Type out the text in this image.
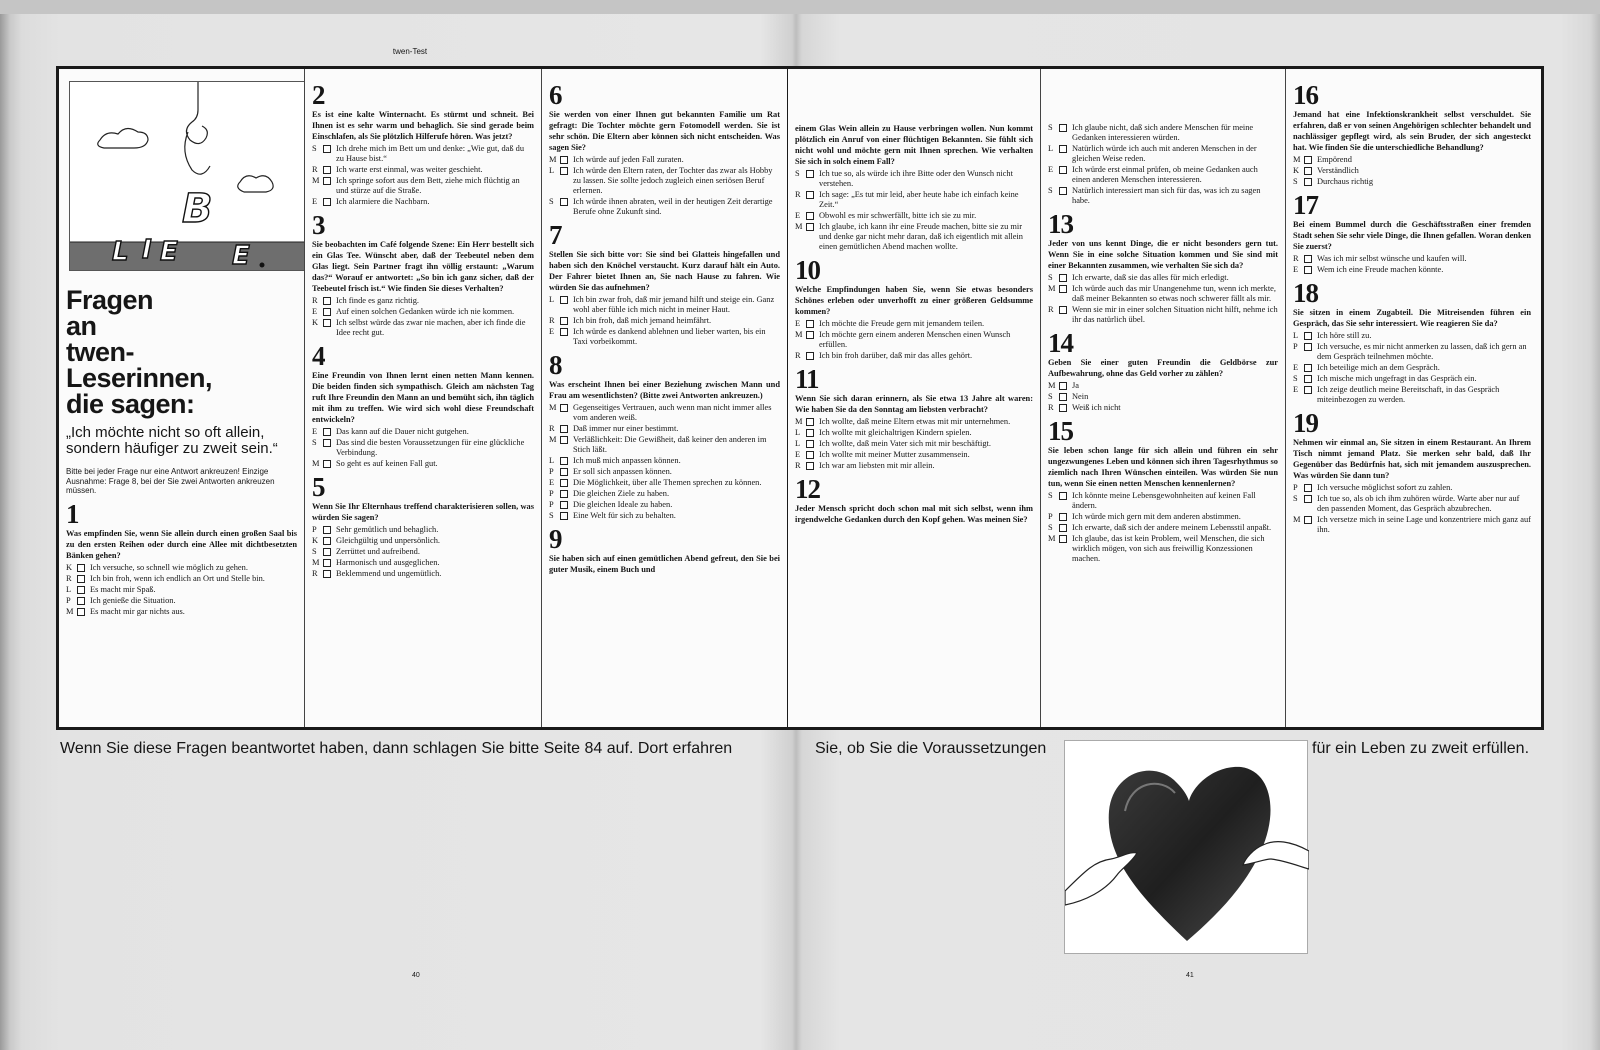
twen-Test
L I E
B
E
Fragen
an
twen-
Leserinnen,
die sagen:
„Ich möchte nicht so oft allein, sondern häufiger zu zweit sein.“
Bitte bei jeder Frage nur eine Antwort ankreuzen! Einzige Ausnahme: Frage 8, bei der Sie zwei Antworten ankreuzen müssen.
1
Was empfinden Sie, wenn Sie allein durch einen großen Saal bis zu den ersten Reihen oder durch eine Allee mit dichtbesetzten Bänken gehen?
K	Ich versuche, so schnell wie möglich zu gehen.
R	Ich bin froh, wenn ich endlich an Ort und Stelle bin.
L	Es macht mir Spaß.
P	Ich genieße die Situation.
M	Es macht mir gar nichts aus.
2
Es ist eine kalte Winternacht. Es stürmt und schneit. Bei Ihnen ist es sehr warm und behaglich. Sie sind gerade beim Einschlafen, als Sie plötzlich Hilferufe hören. Was jetzt?
S	Ich drehe mich im Bett um und denke: „Wie gut, daß du zu Hause bist.“
R	Ich warte erst einmal, was weiter geschieht.
M	Ich springe sofort aus dem Bett, ziehe mich flüchtig an und stürze auf die Straße.
E	Ich alarmiere die Nachbarn.
3
Sie beobachten im Café folgende Szene: Ein Herr bestellt sich ein Glas Tee. Wünscht aber, daß der Teebeutel neben dem Glas liegt. Sein Partner fragt ihn völlig erstaunt: „Warum das?“ Worauf er antwortet: „So bin ich ganz sicher, daß der Teebeutel frisch ist.“ Wie finden Sie dieses Verhalten?
R	Ich finde es ganz richtig.
E	Auf einen solchen Gedanken würde ich nie kommen.
K	Ich selbst würde das zwar nie machen, aber ich finde die Idee recht gut.
4
Eine Freundin von Ihnen lernt einen netten Mann kennen. Die beiden finden sich sympathisch. Gleich am nächsten Tag ruft Ihre Freundin den Mann an und bemüht sich, ihn täglich mit ihm zu treffen. Wie wird sich wohl diese Freundschaft entwickeln?
E	Das kann auf die Dauer nicht gutgehen.
S	Das sind die besten Voraussetzungen für eine glückliche Verbindung.
M	So geht es auf keinen Fall gut.
5
Wenn Sie Ihr Elternhaus treffend charakterisieren sollen, was würden Sie sagen?
P	Sehr gemütlich und behaglich.
K	Gleichgültig und unpersönlich.
S	Zerrüttet und aufreibend.
M	Harmonisch und ausgeglichen.
R	Beklemmend und ungemütlich.
6
Sie werden von einer Ihnen gut bekannten Familie um Rat gefragt: Die Tochter möchte gern Fotomodell werden. Sie ist sehr schön. Die Eltern aber können sich nicht entscheiden. Was sagen Sie?
M	Ich würde auf jeden Fall zuraten.
L	Ich würde den Eltern raten, der Tochter das zwar als Hobby zu lassen. Sie sollte jedoch zugleich einen seriösen Beruf erlernen.
S	Ich würde ihnen abraten, weil in der heutigen Zeit derartige Berufe ohne Zukunft sind.
7
Stellen Sie sich bitte vor: Sie sind bei Glatteis hingefallen und haben sich den Knöchel verstaucht. Kurz darauf hält ein Auto. Der Fahrer bietet Ihnen an, Sie nach Hause zu fahren. Wie würden Sie das aufnehmen?
L	Ich bin zwar froh, daß mir jemand hilft und steige ein. Ganz wohl aber fühle ich mich nicht in meiner Haut.
R	Ich bin froh, daß mich jemand heimfährt.
E	Ich würde es dankend ablehnen und lieber warten, bis ein Taxi vorbeikommt.
8
Was erscheint Ihnen bei einer Beziehung zwischen Mann und Frau am wesentlichsten? (Bitte zwei Antworten ankreuzen.)
M	Gegenseitiges Vertrauen, auch wenn man nicht immer alles vom anderen weiß.
R	Daß immer nur einer bestimmt.
M	Verläßlichkeit: Die Gewißheit, daß keiner den anderen im Stich läßt.
L	Ich muß mich anpassen können.
P	Er soll sich anpassen können.
E	Die Möglichkeit, über alle Themen sprechen zu können.
P	Die gleichen Ziele zu haben.
P	Die gleichen Ideale zu haben.
S	Eine Welt für sich zu behalten.
9
Sie haben sich auf einen gemütlichen Abend gefreut, den Sie bei guter Musik, einem Buch und
einem Glas Wein allein zu Hause verbringen wollen. Nun kommt plötzlich ein Anruf von einer flüchtigen Bekannten. Sie fühlt sich nicht wohl und möchte gern mit Ihnen sprechen. Wie verhalten Sie sich in solch einem Fall?
S	Ich tue so, als würde ich ihre Bitte oder den Wunsch nicht verstehen.
R	Ich sage: „Es tut mir leid, aber heute habe ich einfach keine Zeit.“
E	Obwohl es mir schwerfällt, bitte ich sie zu mir.
M	Ich glaube, ich kann ihr eine Freude machen, bitte sie zu mir und denke gar nicht mehr daran, daß ich eigentlich mit allein einen gemütlichen Abend machen wollte.
10
Welche Empfindungen haben Sie, wenn Sie etwas besonders Schönes erleben oder unverhofft zu einer größeren Geldsumme kommen?
E	Ich möchte die Freude gern mit jemandem teilen.
M	Ich möchte gern einem anderen Menschen einen Wunsch erfüllen.
R	Ich bin froh darüber, daß mir das alles gehört.
11
Wenn Sie sich daran erinnern, als Sie etwa 13 Jahre alt waren: Wie haben Sie da den Sonntag am liebsten verbracht?
M	Ich wollte, daß meine Eltern etwas mit mir unternehmen.
L	Ich wollte mit gleichaltrigen Kindern spielen.
L	Ich wollte, daß mein Vater sich mit mir beschäftigt.
E	Ich wollte mit meiner Mutter zusammensein.
R	Ich war am liebsten mit mir allein.
12
Jeder Mensch spricht doch schon mal mit sich selbst, wenn ihm irgendwelche Gedanken durch den Kopf gehen. Was meinen Sie?
S	Ich glaube nicht, daß sich andere Menschen für meine Gedanken interessieren würden.
L	Natürlich würde ich auch mit anderen Menschen in der gleichen Weise reden.
E	Ich würde erst einmal prüfen, ob meine Gedanken auch einen anderen Menschen interessieren.
S	Natürlich interessiert man sich für das, was ich zu sagen habe.
13
Jeder von uns kennt Dinge, die er nicht besonders gern tut. Wenn Sie in eine solche Situation kommen und Sie sind mit einer Bekannten zusammen, wie verhalten Sie sich da?
S	Ich erwarte, daß sie das alles für mich erledigt.
M	Ich würde auch das mir Unangenehme tun, wenn ich merkte, daß meiner Bekannten so etwas noch schwerer fällt als mir.
R	Wenn sie mir in einer solchen Situation nicht hilft, nehme ich ihr das natürlich übel.
14
Geben Sie einer guten Freundin die Geldbörse zur Aufbewahrung, ohne das Geld vorher zu zählen?
M	Ja
S	Nein
R	Weiß ich nicht
15
Sie leben schon lange für sich allein und führen ein sehr ungezwungenes Leben und können sich ihren Tagesrhythmus so ziemlich nach Ihren Wünschen einteilen. Was würden Sie nun tun, wenn Sie einen netten Menschen kennenlernen?
S	Ich könnte meine Lebensgewohnheiten auf keinen Fall ändern.
P	Ich würde mich gern mit dem anderen abstimmen.
S	Ich erwarte, daß sich der andere meinem Lebensstil anpaßt.
M	Ich glaube, das ist kein Problem, weil Menschen, die sich wirklich mögen, von sich aus freiwillig Konzessionen machen.
16
Jemand hat eine Infektionskrankheit selbst verschuldet. Sie erfahren, daß er von seinen Angehörigen schlechter behandelt und nachlässiger gepflegt wird, als sein Bruder, der sich angesteckt hat. Wie finden Sie die unterschiedliche Behandlung?
M	Empörend
K	Verständlich
S	Durchaus richtig
17
Bei einem Bummel durch die Geschäftsstraßen einer fremden Stadt sehen Sie sehr viele Dinge, die Ihnen gefallen. Woran denken Sie zuerst?
R	Was ich mir selbst wünsche und kaufen will.
E	Wem ich eine Freude machen könnte.
18
Sie sitzen in einem Zugabteil. Die Mitreisenden führen ein Gespräch, das Sie sehr interessiert. Wie reagieren Sie da?
L	Ich höre still zu.
P	Ich versuche, es mir nicht anmerken zu lassen, daß ich gern an dem Gespräch teilnehmen möchte.
E	Ich beteilige mich an dem Gespräch.
S	Ich mische mich ungefragt in das Gespräch ein.
E	Ich zeige deutlich meine Bereitschaft, in das Gespräch miteinbezogen zu werden.
19
Nehmen wir einmal an, Sie sitzen in einem Restaurant. An Ihrem Tisch nimmt jemand Platz. Sie merken sehr bald, daß Ihr Gegenüber das Bedürfnis hat, sich mit jemandem auszusprechen. Was würden Sie dann tun?
P	Ich versuche möglichst sofort zu zahlen.
S	Ich tue so, als ob ich ihm zuhören würde. Warte aber nur auf den passenden Moment, das Gespräch abzubrechen.
M	Ich versetze mich in seine Lage und konzentriere mich ganz auf ihn.
Wenn Sie diese Fragen beantwortet haben, dann schlagen Sie bitte Seite 84 auf. Dort erfahren	Sie, ob Sie die Voraussetzungen	für ein Leben zu zweit erfüllen.
40	41
